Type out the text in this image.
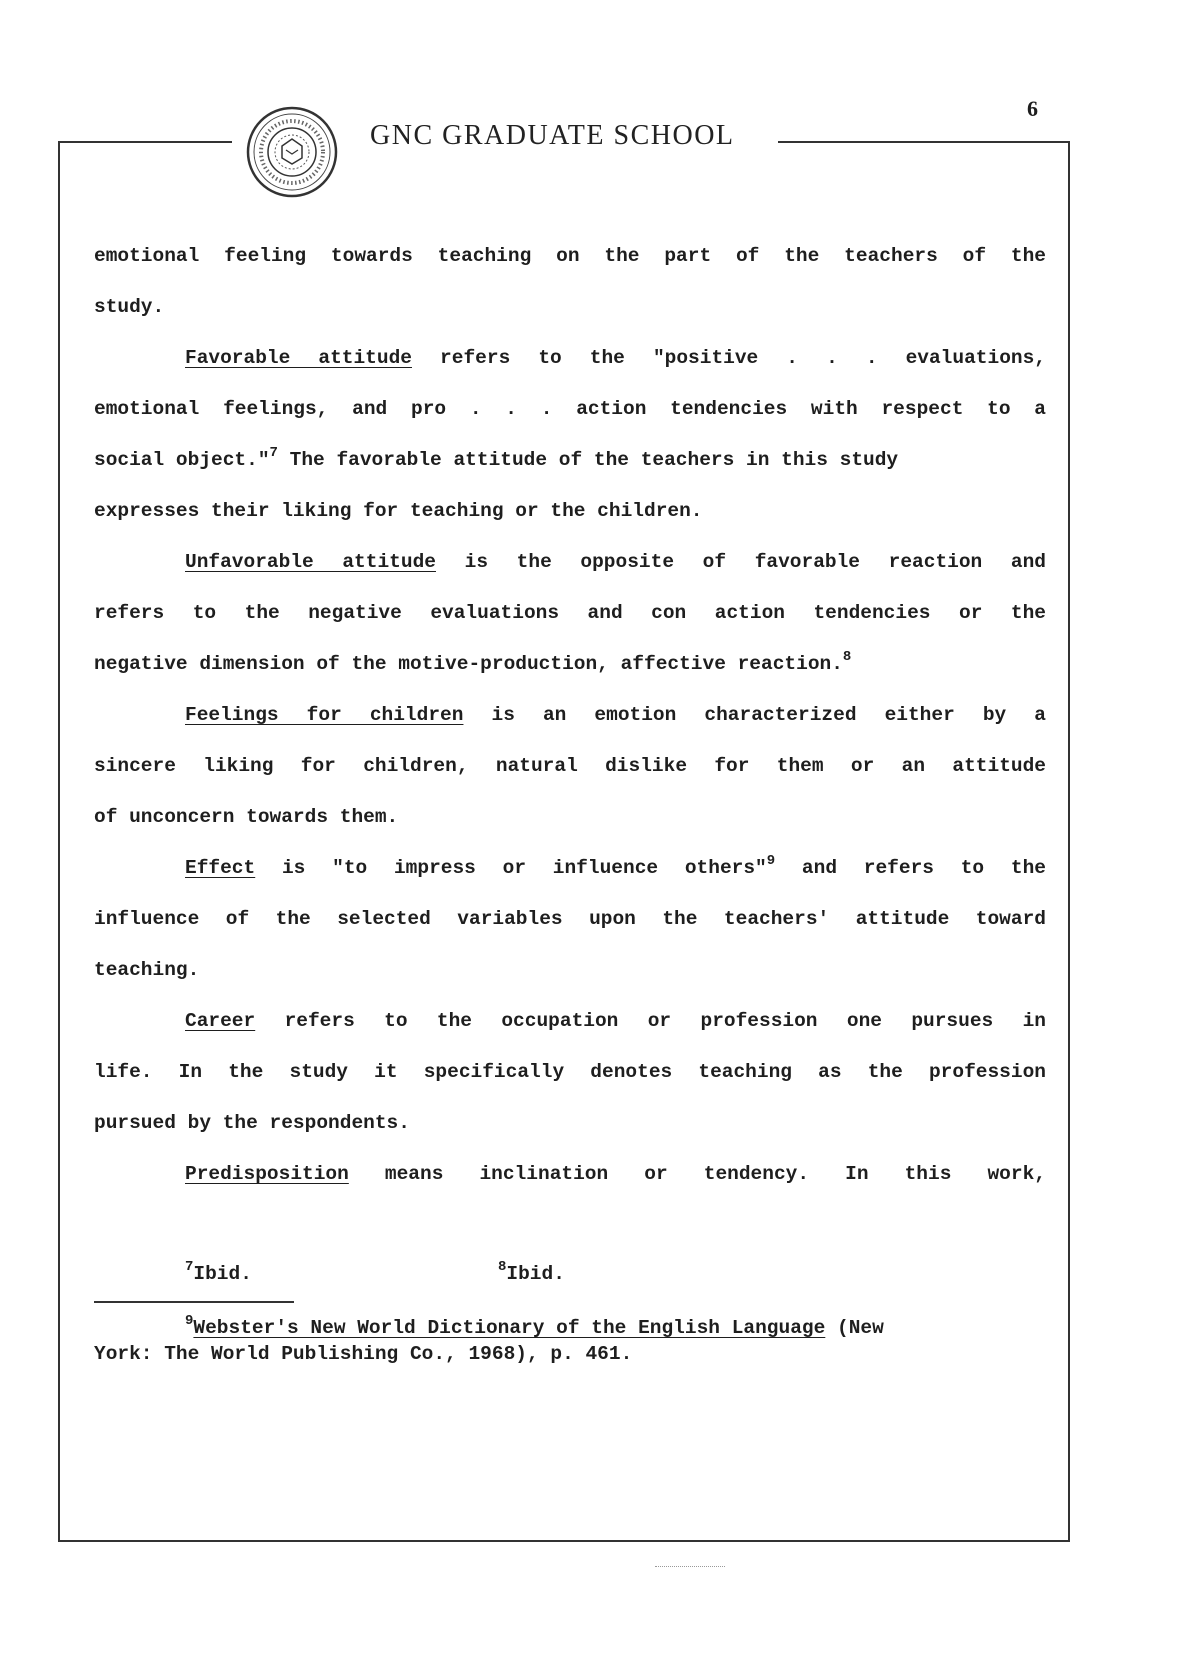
GNC GRADUATE SCHOOL
6
emotional feeling towards teaching on the part of the teachers of the
study.
Favorable attitude refers to the "positive . . . evaluations,
emotional feelings, and pro . . . action tendencies with respect to a
social object."$^7$ The favorable attitude of the teachers in this study
expresses their liking for teaching or the children.
Unfavorable attitude is the opposite of favorable reaction and
refers to the negative evaluations and con action tendencies or the
negative dimension of the motive-production, affective reaction.$^8$
Feelings for children is an emotion characterized either by a
sincere liking for children, natural dislike for them or an attitude
of unconcern towards them.
Effect is "to impress or influence others"$^9$ and refers to the
influence of the selected variables upon the teachers' attitude toward
teaching.
Career refers to the occupation or profession one pursues in
life. In the study it specifically denotes teaching as the profession
pursued by the respondents.
Predisposition means inclination or tendency. In this work,
$^7$Ibid.	$^8$Ibid.
$^9$Webster's New World Dictionary of the English Language (New
York: The World Publishing Co., 1968), p. 461.
